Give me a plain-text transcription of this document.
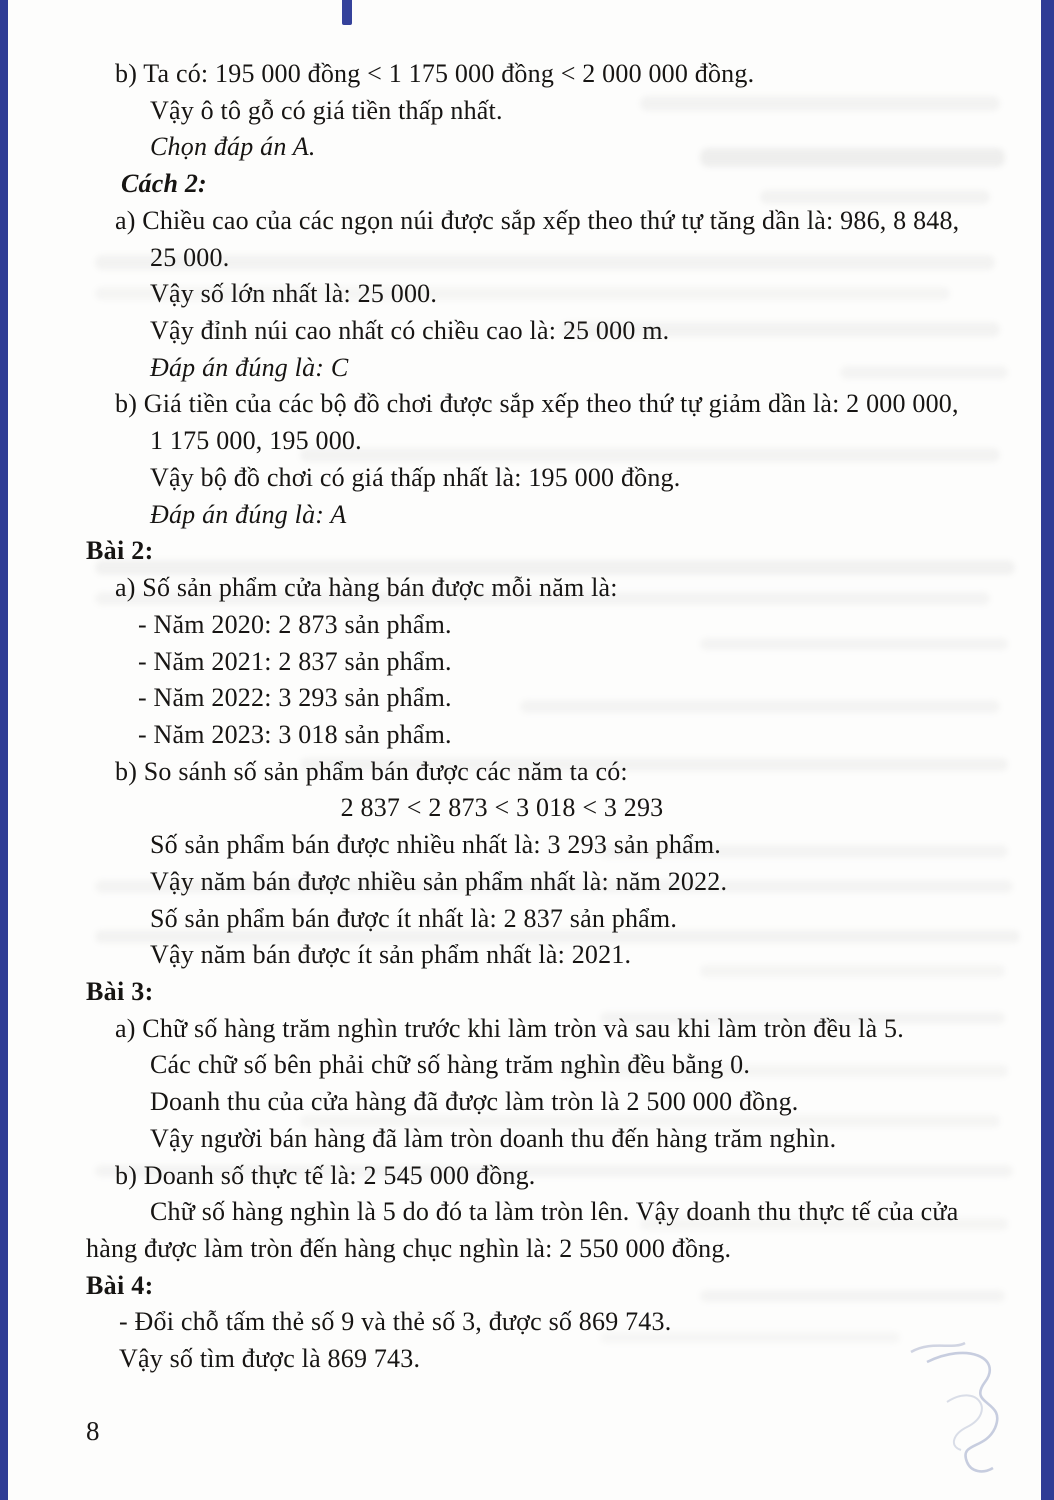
b) Ta có: 195 000 đồng < 1 175 000 đồng < 2 000 000 đồng.
Vậy ô tô gỗ có giá tiền thấp nhất.
Chọn đáp án A.
Cách 2:
a) Chiều cao của các ngọn núi được sắp xếp theo thứ tự tăng dần là: 986, 8 848,
25 000.
Vậy số lớn nhất là: 25 000.
Vậy đỉnh núi cao nhất có chiều cao là: 25 000 m.
Đáp án đúng là: C
b) Giá tiền của các bộ đồ chơi được sắp xếp theo thứ tự giảm dần là: 2 000 000,
1 175 000, 195 000.
Vậy bộ đồ chơi có giá thấp nhất là: 195 000 đồng.
Đáp án đúng là: A
Bài 2:
a) Số sản phẩm cửa hàng bán được mỗi năm là:
- Năm 2020: 2 873 sản phẩm.
- Năm 2021: 2 837 sản phẩm.
- Năm 2022: 3 293 sản phẩm.
- Năm 2023: 3 018 sản phẩm.
b) So sánh số sản phẩm bán được các năm ta có:
2 837 < 2 873 < 3 018 < 3 293
Số sản phẩm bán được nhiều nhất là: 3 293 sản phẩm.
Vậy năm bán được nhiều sản phẩm nhất là: năm 2022.
Số sản phẩm bán được ít nhất là: 2 837 sản phẩm.
Vậy năm bán được ít sản phẩm nhất là: 2021.
Bài 3:
a) Chữ số hàng trăm nghìn trước khi làm tròn và sau khi làm tròn đều là 5.
Các chữ số bên phải chữ số hàng trăm nghìn đều bằng 0.
Doanh thu của cửa hàng đã được làm tròn là 2 500 000 đồng.
Vậy người bán hàng đã làm tròn doanh thu đến hàng trăm nghìn.
b) Doanh số thực tế là: 2 545 000 đồng.
Chữ số hàng nghìn là 5 do đó ta làm tròn lên. Vậy doanh thu thực tế của cửa
hàng được làm tròn đến hàng chục nghìn là: 2 550 000 đồng.
Bài 4:
- Đổi chỗ tấm thẻ số 9 và thẻ số 3, được số 869 743.
Vậy số tìm được là 869 743.
8
